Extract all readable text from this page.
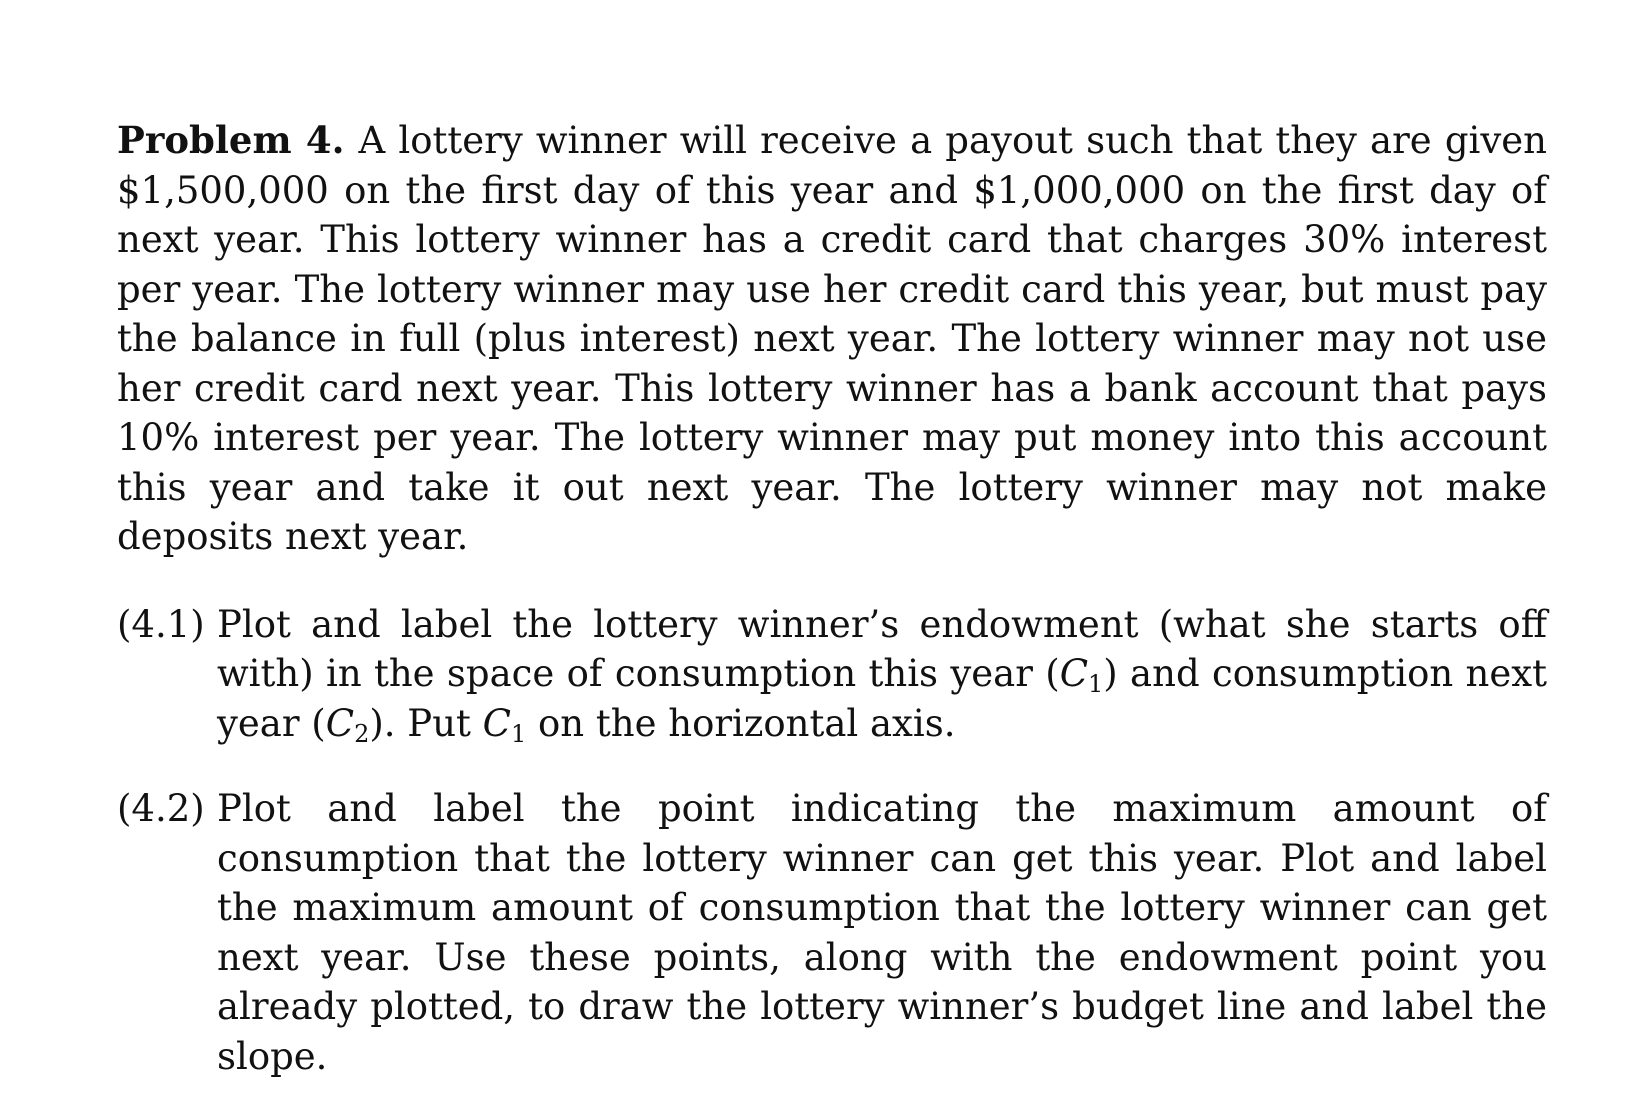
Problem 4. A lottery winner will receive a payout such that they are given $1,500,000 on the first day of this year and $1,000,000 on the first day of next year. This lottery winner has a credit card that charges 30% interest per year. The lottery winner may use her credit card this year, but must pay the balance in full (plus interest) next year. The lottery winner may not use her credit card next year. This lottery winner has a bank account that pays 10% interest per year. The lottery winner may put money into this account this year and take it out next year. The lottery winner may not make deposits next year.

(4.1) Plot and label the lottery winner’s endowment (what she starts off with) in the space of consumption this year $(C_1)$ and consumption next year $(C_2)$. Put $C_1$ on the horizontal axis.
(4.2) Plot and label the point indicating the maximum amount of consumption that the lottery winner can get this year. Plot and label the maximum amount of consumption that the lottery winner can get next year. Use these points, along with the endowment point you already plotted, to draw the lottery winner’s budget line and label the slope.
